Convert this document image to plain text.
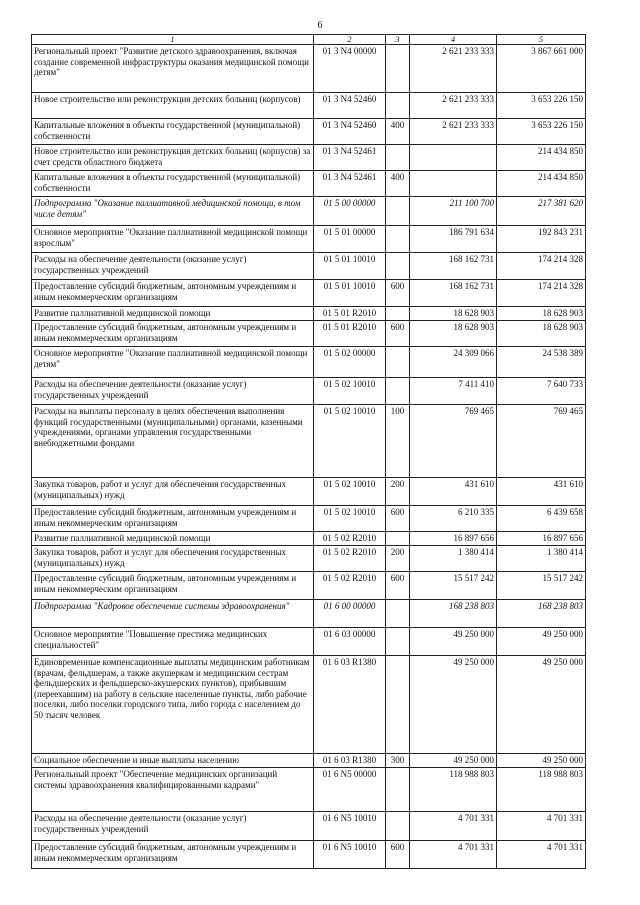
6
1	2	3	4	5
Региональный проект "Развитие детского здравоохранения, включая создание современной инфраструктуры оказания медицинской помощи детям"	01 3 N4 00000		2 621 233 333	3 867 661 000
Новое строительство или реконструкция детских больниц (корпусов)	01 3 N4 52460		2 621 233 333	3 653 226 150
Капитальные вложения в объекты государственной (муниципальной) собственности	01 3 N4 52460	400	2 621 233 333	3 653 226 150
Новое строительство или реконструкция детских больниц (корпусов) за счет средств областного бюджета	01 3 N4 52461			214 434 850
Капитальные вложения в объекты государственной (муниципальной) собственности	01 3 N4 52461	400		214 434 850
Подпрограмма "Оказание паллиативной медицинской помощи, в том числе детям"	01 5 00 00000		211 100 700	217 381 620
Основное мероприятие "Оказание паллиативной медицинской помощи взрослым"	01 5 01 00000		186 791 634	192 843 231
Расходы на обеспечение деятельности (оказание услуг) государственных учреждений	01 5 01 10010		168 162 731	174 214 328
Предоставление субсидий бюджетным, автономным учреждениям и иным некоммерческим организациям	01 5 01 10010	600	168 162 731	174 214 328
Развитие паллиативной медицинской помощи	01 5 01 R2010		18 628 903	18 628 903
Предоставление субсидий бюджетным, автономным учреждениям и иным некоммерческим организациям	01 5 01 R2010	600	18 628 903	18 628 903
Основное мероприятие "Оказание паллиативной медицинской помощи детям"	01 5 02 00000		24 309 066	24 538 389
Расходы на обеспечение деятельности (оказание услуг) государственных учреждений	01 5 02 10010		7 411 410	7 640 733
Расходы на выплаты персоналу в целях обеспечения выполнения функций государственными (муниципальными) органами, казенными учреждениями, органами управления государственными внебюджетными фондами	01 5 02 10010	100	769 465	769 465
Закупка товаров, работ и услуг для обеспечения государственных (муниципальных) нужд	01 5 02 10010	200	431 610	431 610
Предоставление субсидий бюджетным, автономным учреждениям и иным некоммерческим организациям	01 5 02 10010	600	6 210 335	6 439 658
Развитие паллиативной медицинской помощи	01 5 02 R2010		16 897 656	16 897 656
Закупка товаров, работ и услуг для обеспечения государственных (муниципальных) нужд	01 5 02 R2010	200	1 380 414	1 380 414
Предоставление субсидий бюджетным, автономным учреждениям и иным некоммерческим организациям	01 5 02 R2010	600	15 517 242	15 517 242
Подпрограмма "Кадровое обеспечение системы здравоохранения"	01 6 00 00000		168 238 803	168 238 803
Основное мероприятие "Повышение престижа медицинских специальностей"	01 6 03 00000		49 250 000	49 250 000
Единовременные компенсационные выплаты медицинским работникам (врачам, фельдшерам, а также акушеркам и медицинским сестрам фельдшерских и фельдшерско-акушерских пунктов), прибывшим (переехавшим) на работу в сельские населенные пункты, либо рабочие поселки, либо поселки городского типа, либо города с населением до 50 тысяч человек	01 6 03 R1380		49 250 000	49 250 000
Социальное обеспечение и иные выплаты населению	01 6 03 R1380	300	49 250 000	49 250 000
Региональный проект "Обеспечение медицинских организаций системы здравоохранения квалифицированными кадрами"	01 6 N5 00000		118 988 803	118 988 803
Расходы на обеспечение деятельности (оказание услуг) государственных учреждений	01 6 N5 10010		4 701 331	4 701 331
Предоставление субсидий бюджетным, автономным учреждениям и иным некоммерческим организациям	01 6 N5 10010	600	4 701 331	4 701 331
